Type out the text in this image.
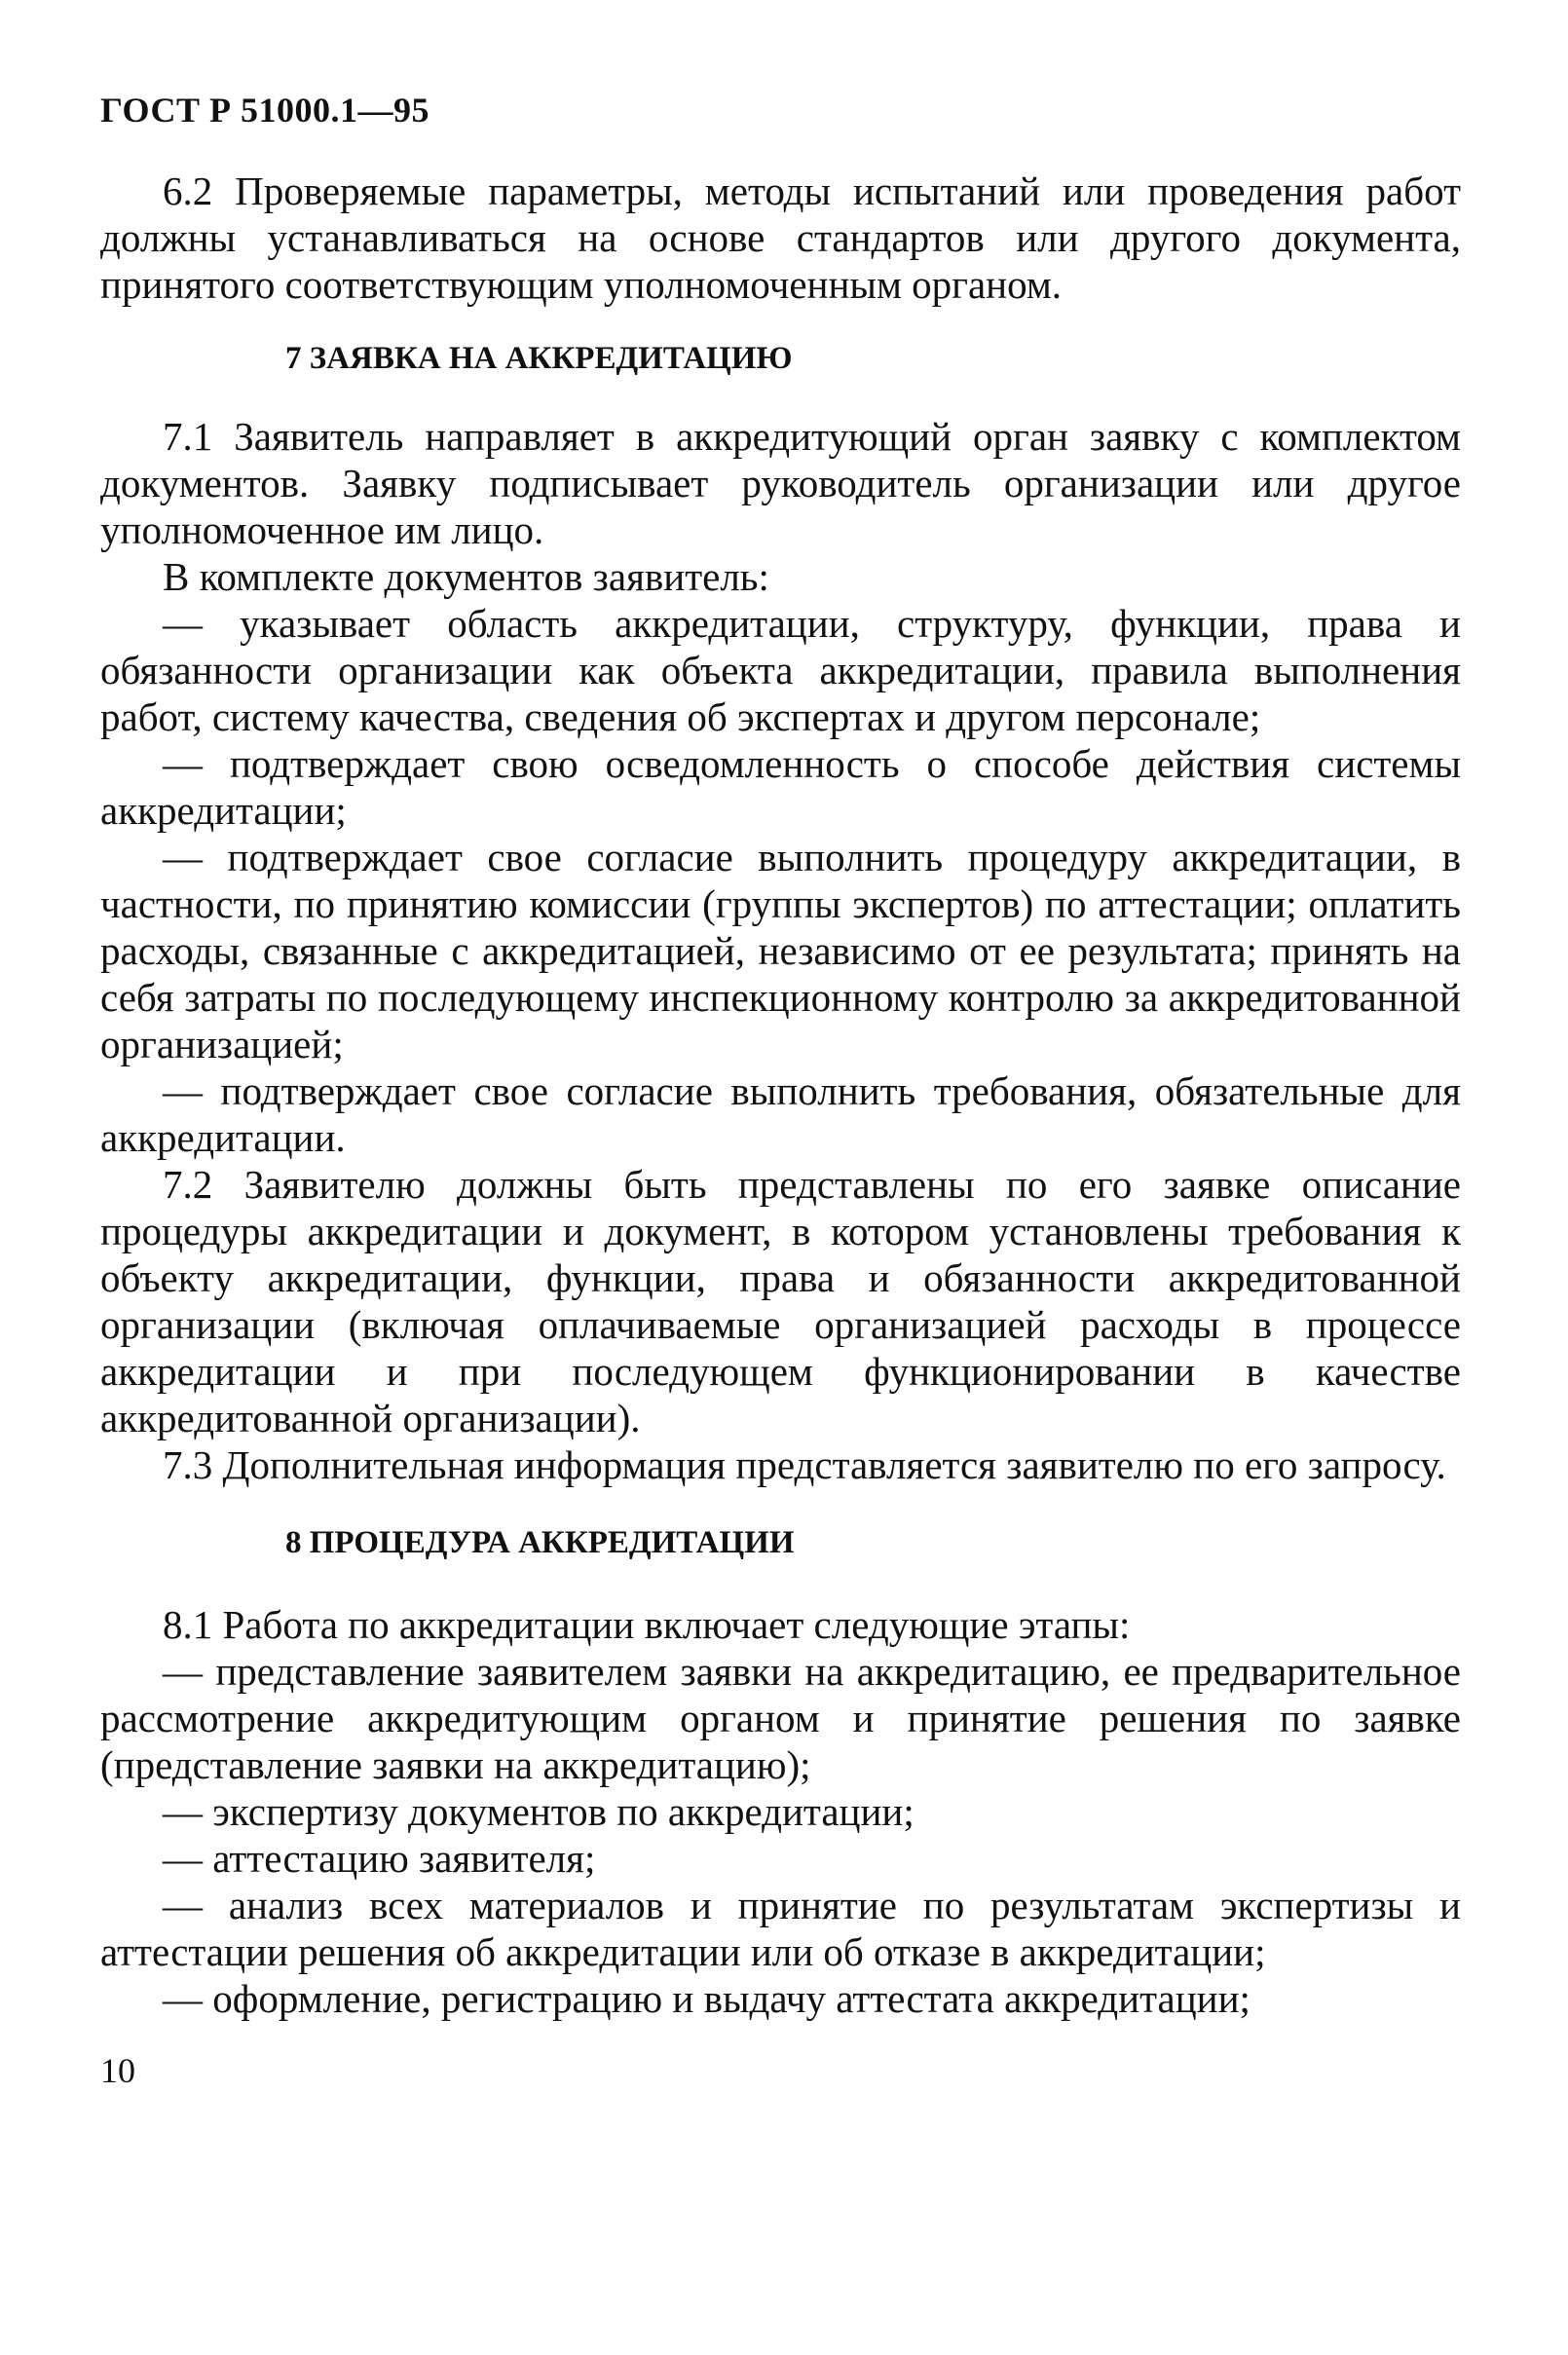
ГОСТ Р 51000.1—95

6.2 Проверяемые параметры, методы испытаний или проведения работ должны устанавливаться на основе стандартов или другого документа, принятого соответствующим уполномоченным органом.

7 ЗАЯВКА НА АККРЕДИТАЦИЮ

7.1 Заявитель направляет в аккредитующий орган заявку с комплектом документов. Заявку подписывает руководитель организации или другое уполномоченное им лицо.

В комплекте документов заявитель:

— указывает область аккредитации, структуру, функции, права и обязанности организации как объекта аккредитации, правила выполнения работ, систему качества, сведения об экспертах и другом персонале;

— подтверждает свою осведомленность о способе действия системы аккредитации;

— подтверждает свое согласие выполнить процедуру аккредитации, в частности, по принятию комиссии (группы экспертов) по аттестации; оплатить расходы, связанные с аккредитацией, независимо от ее результата; принять на себя затраты по последующему инспекционному контролю за аккредитованной организацией;

— подтверждает свое согласие выполнить требования, обязательные для аккредитации.

7.2 Заявителю должны быть представлены по его заявке описание процедуры аккредитации и документ, в котором установлены требования к объекту аккредитации, функции, права и обязанности аккредитованной организации (включая оплачиваемые организацией расходы в процессе аккредитации и при последующем функционировании в качестве аккредитованной организации).

7.3 Дополнительная информация представляется заявителю по его запросу.

8 ПРОЦЕДУРА АККРЕДИТАЦИИ

8.1 Работа по аккредитации включает следующие этапы:

— представление заявителем заявки на аккредитацию, ее предварительное рассмотрение аккредитующим органом и принятие решения по заявке (представление заявки на аккредитацию);

— экспертизу документов по аккредитации;

— аттестацию заявителя;

— анализ всех материалов и принятие по результатам экспертизы и аттестации решения об аккредитации или об отказе в аккредитации;

— оформление, регистрацию и выдачу аттестата аккредитации;

10
